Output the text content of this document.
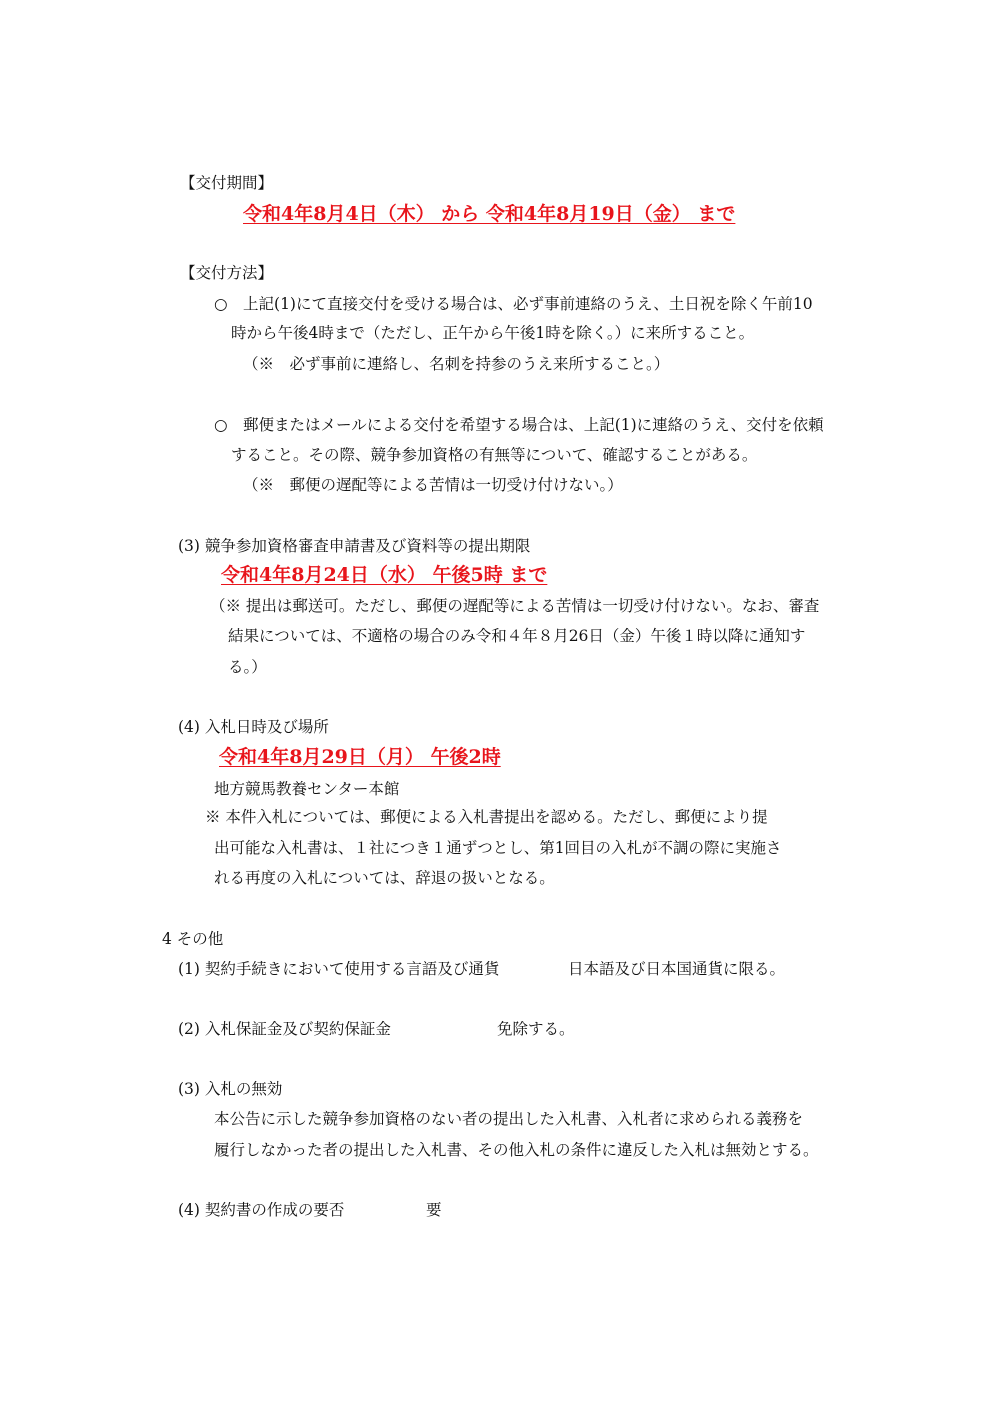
【交付期間】
令和4年8月4日（木） から 令和4年8月19日（金） まで
【交付方法】
○　上記(1)にて直接交付を受ける場合は、必ず事前連絡のうえ、土日祝を除く午前10
時から午後4時まで（ただし、正午から午後1時を除く。）に来所すること。
（※　必ず事前に連絡し、名刺を持参のうえ来所すること。）
○　郵便またはメールによる交付を希望する場合は、上記(1)に連絡のうえ、交付を依頼
すること。その際、競争参加資格の有無等について、確認することがある。
（※　郵便の遅配等による苦情は一切受け付けない。）
(3) 競争参加資格審査申請書及び資料等の提出期限
令和4年8月24日（水） 午後5時 まで
（※ 提出は郵送可。ただし、郵便の遅配等による苦情は一切受け付けない。なお、審査
結果については、不適格の場合のみ令和４年８月26日（金）午後１時以降に通知す
る。）
(4) 入札日時及び場所
令和4年8月29日（月） 午後2時
地方競馬教養センター本館
※ 本件入札については、郵便による入札書提出を認める。ただし、郵便により提
出可能な入札書は、１社につき１通ずつとし、第1回目の入札が不調の際に実施さ
れる再度の入札については、辞退の扱いとなる。
4 その他
(1) 契約手続きにおいて使用する言語及び通貨	日本語及び日本国通貨に限る。
(2) 入札保証金及び契約保証金	免除する。
(3) 入札の無効
本公告に示した競争参加資格のない者の提出した入札書、入札者に求められる義務を
履行しなかった者の提出した入札書、その他入札の条件に違反した入札は無効とする。
(4) 契約書の作成の要否	要
